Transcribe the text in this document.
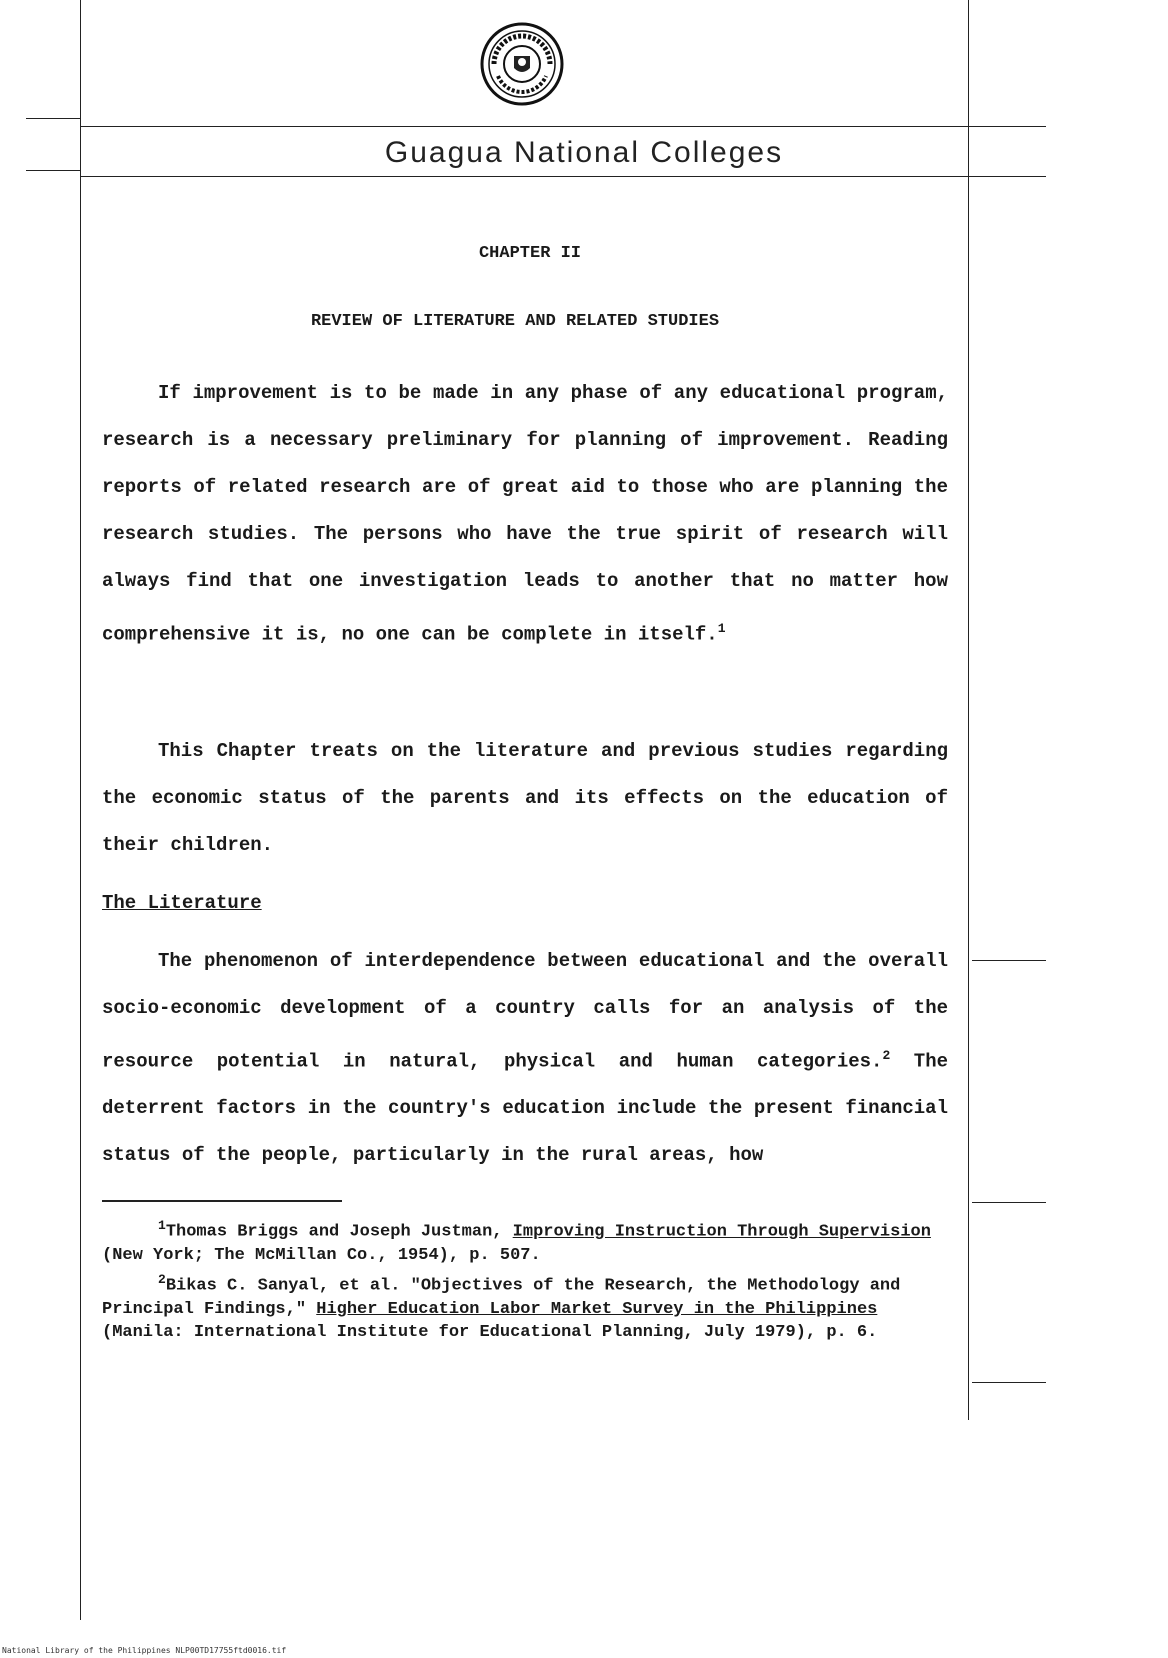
Guagua National Colleges
CHAPTER II
REVIEW OF LITERATURE AND RELATED STUDIES

If improvement is to be made in any phase of any educational program, research is a necessary preliminary for planning of improvement. Reading reports of related research are of great aid to those who are planning the research studies. The persons who have the true spirit of research will always find that one investigation leads to another that no matter how comprehensive it is, no one can be complete in itself.$^1$

This Chapter treats on the literature and previous studies regarding the economic status of the parents and its effects on the education of their children.

The Literature

The phenomenon of interdependence between educational and the overall socio-economic development of a country calls for an analysis of the resource potential in natural, physical and human categories.$^2$ The deterrent factors in the country's education include the present financial status of the people, particularly in the rural areas, how

$^1$Thomas Briggs and Joseph Justman, Improving Instruction Through Supervision (New York; The McMillan Co., 1954), p. 507.
$^2$Bikas C. Sanyal, et al. "Objectives of the Research, the Methodology and Principal Findings," Higher Education Labor Market Survey in the Philippines (Manila: International Institute for Educational Planning, July 1979), p. 6.
National Library of the Philippines NLP00TD17755ftd0016.tif
